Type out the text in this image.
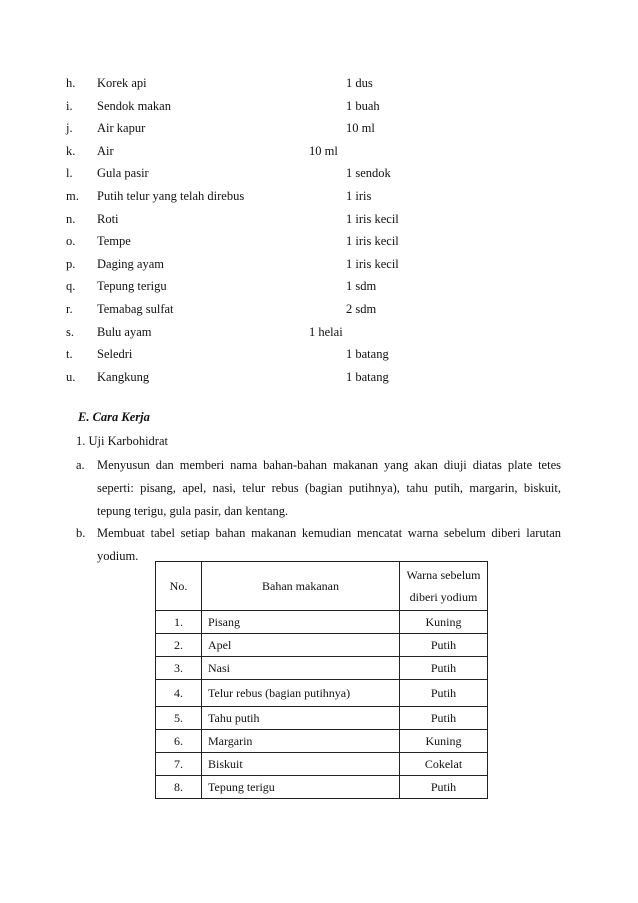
h. Korek api	1 dus
i. Sendok makan	1 buah
j. Air kapur	10 ml
k. Air	10 ml
l. Gula pasir	1 sendok
m. Putih telur yang telah direbus	1 iris
n. Roti	1 iris kecil
o. Tempe	1 iris kecil
p. Daging ayam	1 iris kecil
q. Tepung terigu	1 sdm
r. Temabag sulfat	2 sdm
s. Bulu ayam	1 helai
t. Seledri	1 batang
u. Kangkung	1 batang
E. Cara Kerja
1. Uji Karbohidrat
a. Menyusun dan memberi nama bahan-bahan makanan yang akan diuji diatas plate tetes seperti: pisang, apel, nasi, telur rebus (bagian putihnya), tahu putih, margarin, biskuit, tepung terigu, gula pasir, dan kentang.
b. Membuat tabel setiap bahan makanan kemudian mencatat warna sebelum diberi larutan yodium.
No.	Bahan makanan	Warna sebelum diberi yodium
1.	Pisang	Kuning
2.	Apel	Putih
3.	Nasi	Putih
4.	Telur rebus (bagian putihnya)	Putih
5.	Tahu putih	Putih
6.	Margarin	Kuning
7.	Biskuit	Cokelat
8.	Tepung terigu	Putih
